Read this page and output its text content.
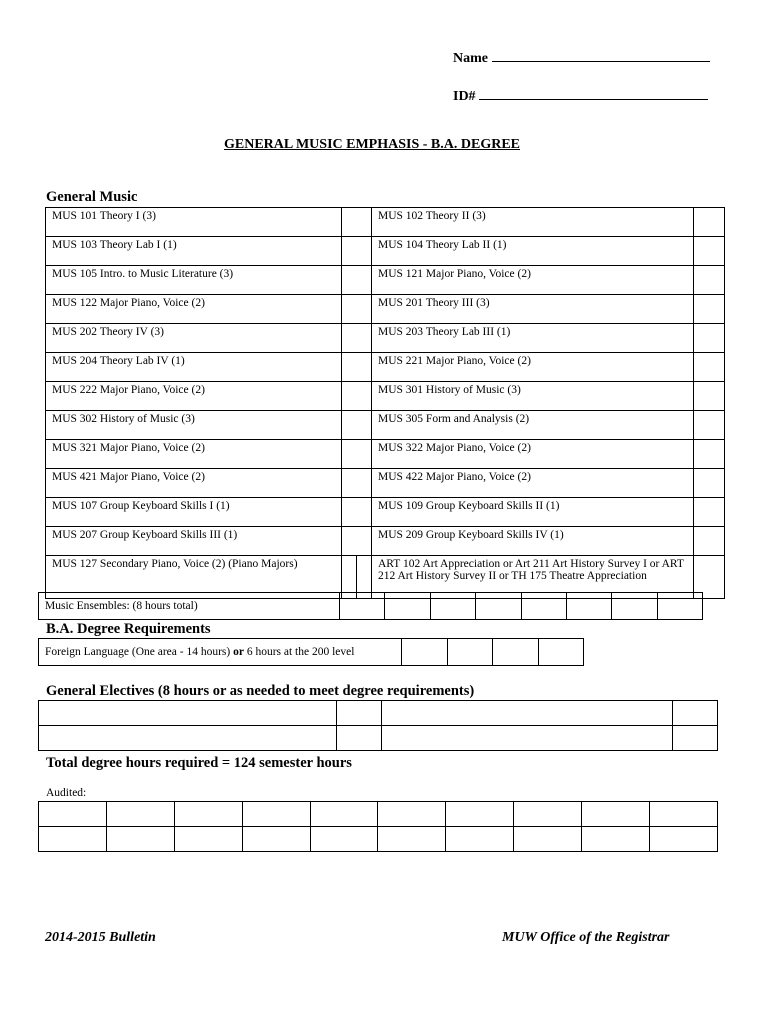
Name
ID#
GENERAL MUSIC EMPHASIS - B.A. DEGREE
General Music
MUS 101 Theory I (3)			MUS 102 Theory II (3)	
MUS 103 Theory Lab I (1)			MUS 104 Theory Lab II (1)	
MUS 105 Intro. to Music Literature (3)			MUS 121 Major Piano, Voice (2)	
MUS 122 Major Piano, Voice (2)			MUS 201 Theory III (3)	
MUS 202 Theory IV (3)			MUS 203 Theory Lab III (1)	
MUS 204 Theory Lab IV (1)			MUS 221 Major Piano, Voice (2)	
MUS 222 Major Piano, Voice (2)			MUS 301 History of Music (3)	
MUS 302 History of Music (3)			MUS 305 Form and Analysis (2)	
MUS 321 Major Piano, Voice (2)			MUS 322 Major Piano, Voice (2)	
MUS 421 Major Piano, Voice (2)			MUS 422 Major Piano, Voice (2)	
MUS 107 Group Keyboard Skills I (1)			MUS 109 Group Keyboard Skills II (1)	
MUS 207 Group Keyboard Skills III (1)			MUS 209 Group Keyboard Skills IV (1)	
MUS 127 Secondary Piano, Voice (2) (Piano Majors)			ART 102 Art Appreciation or Art 211 Art History Survey I or ART 212 Art History Survey II or TH 175 Theatre Appreciation	
Music Ensembles: (8 hours total)								
B.A. Degree Requirements
Foreign Language (One area - 14 hours) or 6 hours at the 200 level				
General Electives (8 hours or as needed to meet degree requirements)

Total degree hours required = 124 semester hours
Audited:

2014-2015 Bulletin	MUW Office of the Registrar
